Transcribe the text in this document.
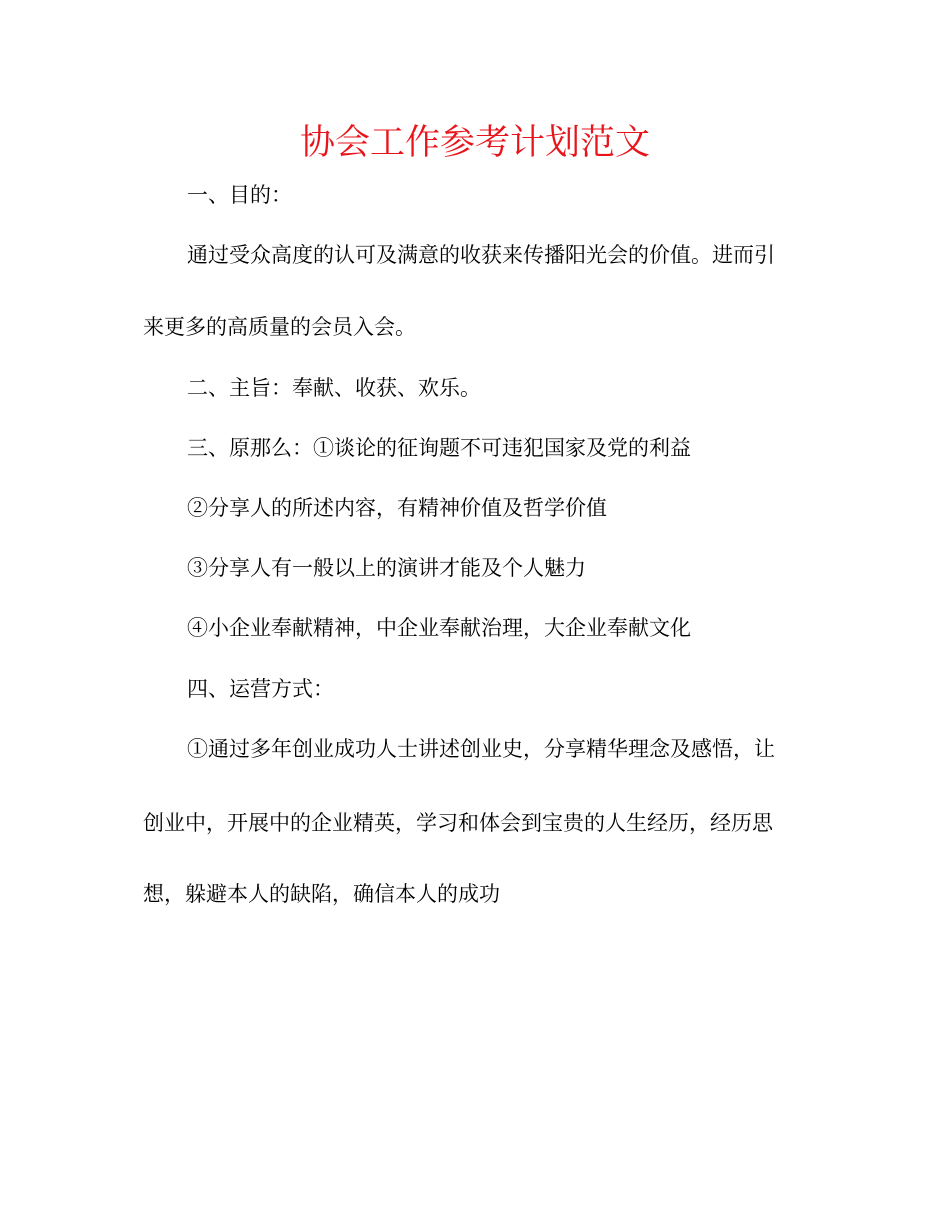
协会工作参考计划范文

一、目的：

通过受众高度的认可及满意的收获来传播阳光会的价值。进而引

来更多的高质量的会员入会。

二、主旨：奉献、收获、欢乐。

三、原那么：①谈论的征询题不可违犯国家及党的利益

②分享人的所述内容，有精神价值及哲学价值

③分享人有一般以上的演讲才能及个人魅力

④小企业奉献精神，中企业奉献治理，大企业奉献文化

四、运营方式：

①通过多年创业成功人士讲述创业史，分享精华理念及感悟，让

创业中，开展中的企业精英，学习和体会到宝贵的人生经历，经历思

想，躲避本人的缺陷，确信本人的成功
